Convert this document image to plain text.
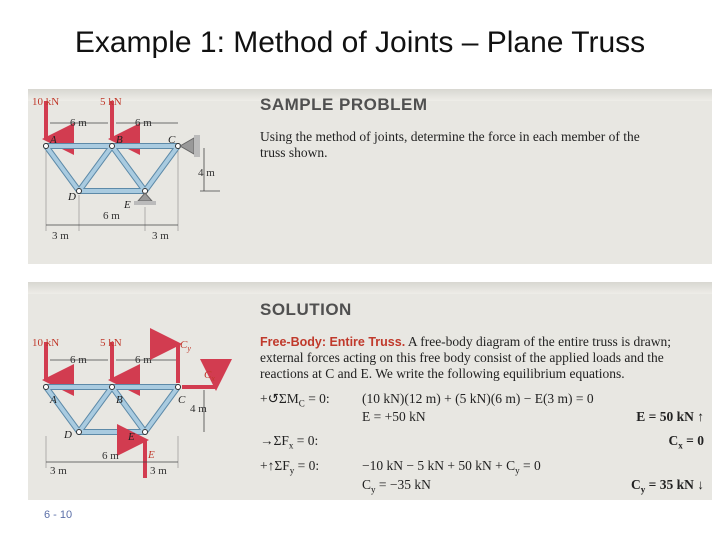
Example 1: Method of Joints – Plane Truss
10 kN	5 kN
6 m	6 m
A	B	C
D
E
4 m
3 m
6 m
3 m
SAMPLE PROBLEM
Using the method of joints, determine the force in each member of the
truss shown.
10 kN	5 kN
6 m	6 m
$C_y$
$C_x$
E
A	B	C
D	E
4 m
3 m
6 m
3 m
SOLUTION
Free-Body: Entire Truss. A free-body diagram of the entire truss is drawn;
external forces acting on this free body consist of the applied loads and the
reactions at C and E. We write the following equilibrium equations.
$+↺\Sigma M_C = 0$: (10 kN)(12 m) + (5 kN)(6 m) − E(3 m) = 0
E = +50 kN	E = 50 kN ↑
$\to\Sigma F_x = 0$:	$C_x = 0$
$+↑\Sigma F_y = 0$:	−10 kN − 5 kN + 50 kN + $C_y = 0$
$C_y = -35$ kN	$C_y = 35$ kN ↓
6 - 10
